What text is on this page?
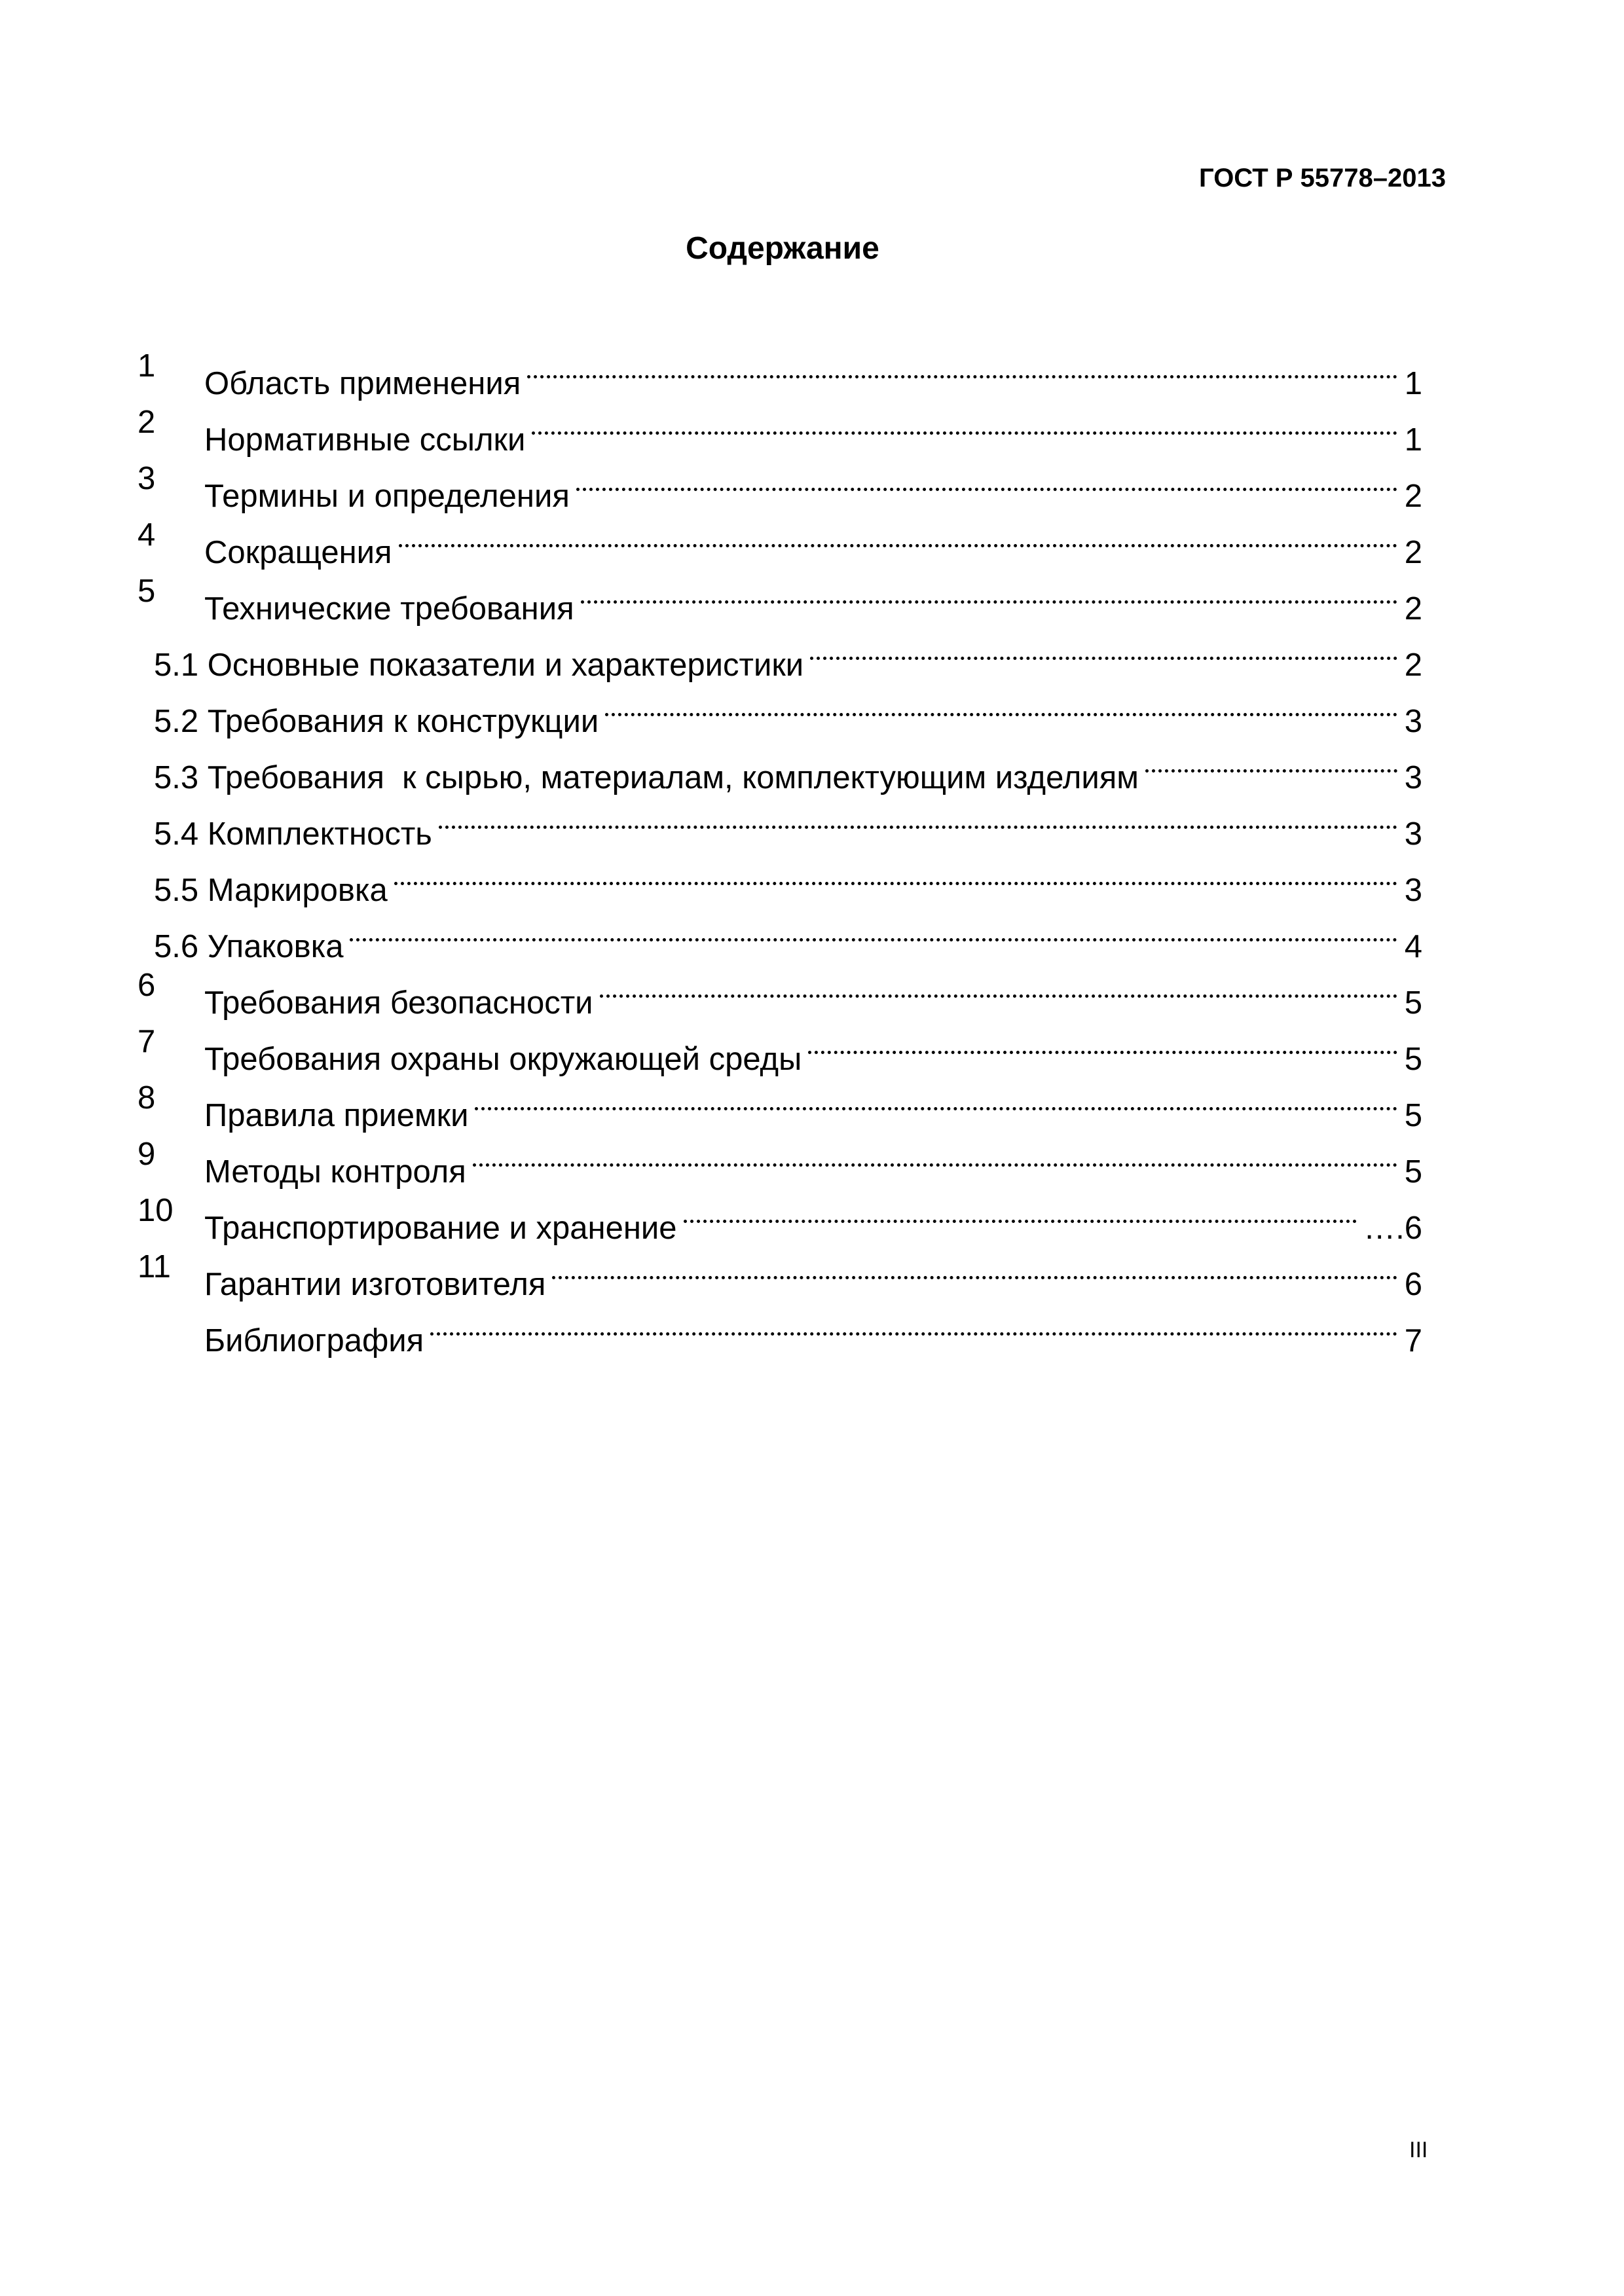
ГОСТ Р 55778–2013
Содержание
1 Область применения	1
2 Нормативные ссылки	1
3 Термины и определения	2
4 Сокращения	2
5 Технические требования	2
5.1 Основные показатели и характеристики	2
5.2 Требования к конструкции	3
5.3 Требования  к сырью, материалам, комплектующим изделиям	3
5.4 Комплектность	3
5.5 Маркировка	3
5.6 Упаковка	4
6 Требования безопасности	5
7 Требования охраны окружающей среды	5
8 Правила приемки	5
9 Методы контроля	5
10 Транспортирование и хранение	….6
11 Гарантии изготовителя	6
Библиография	7
III
